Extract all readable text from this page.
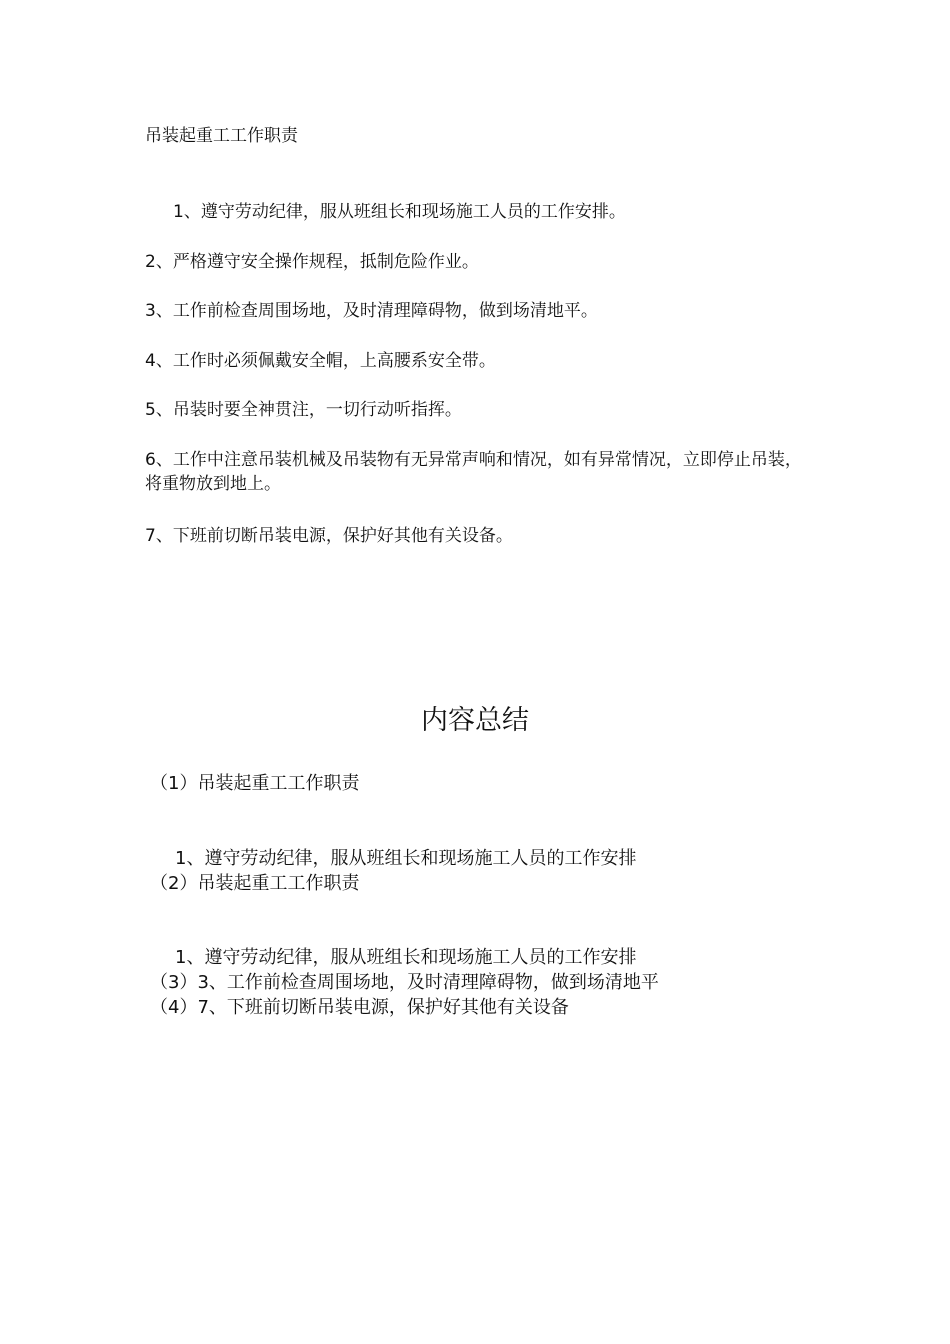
吊装起重工工作职责
1、遵守劳动纪律，服从班组长和现场施工人员的工作安排。
2、严格遵守安全操作规程，抵制危险作业。
3、工作前检查周围场地，及时清理障碍物，做到场清地平。
4、工作时必须佩戴安全帽，上高腰系安全带。
5、吊装时要全神贯注，一切行动听指挥。
6、工作中注意吊装机械及吊装物有无异常声响和情况，如有异常情况，立即停止吊装，将重物放到地上。
7、下班前切断吊装电源，保护好其他有关设备。
内容总结
（1）吊装起重工工作职责
1、遵守劳动纪律，服从班组长和现场施工人员的工作安排
（2）吊装起重工工作职责
1、遵守劳动纪律，服从班组长和现场施工人员的工作安排
（3）3、工作前检查周围场地，及时清理障碍物，做到场清地平
（4）7、下班前切断吊装电源，保护好其他有关设备
